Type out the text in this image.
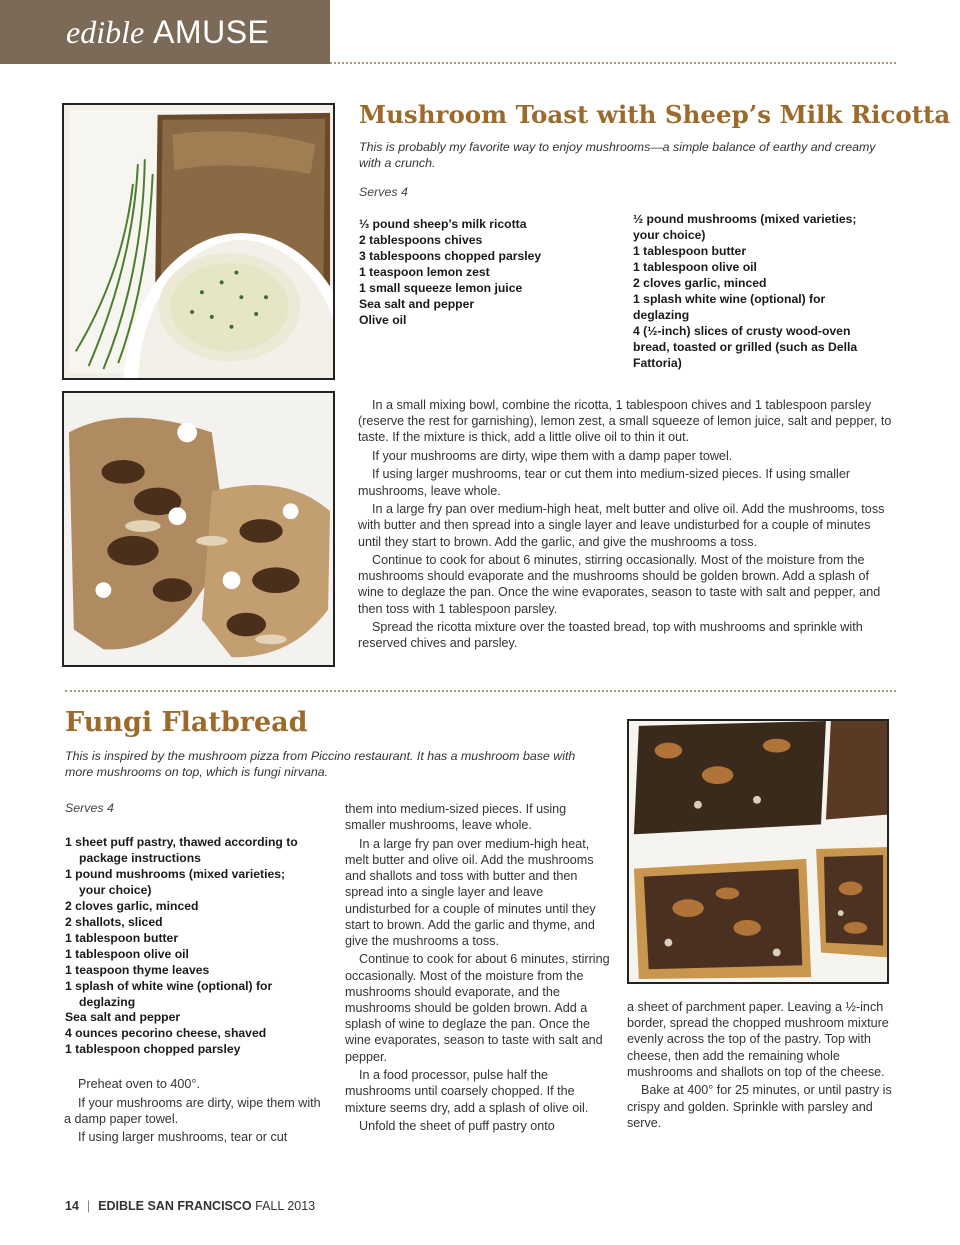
edible AMUSE
Mushroom Toast with Sheep’s Milk Ricotta
This is probably my favorite way to enjoy mushrooms—a simple balance of earthy and creamy with a crunch.
Serves 4
⅓ pound sheep’s milk ricotta
2 tablespoons chives
3 tablespoons chopped parsley
1 teaspoon lemon zest
1 small squeeze lemon juice
Sea salt and pepper
Olive oil
½ pound mushrooms (mixed varieties;
your choice)
1 tablespoon butter
1 tablespoon olive oil
2 cloves garlic, minced
1 splash white wine (optional) for
deglazing
4 (½-inch) slices of crusty wood-oven
bread, toasted or grilled (such as Della
Fattoria)

In a small mixing bowl, combine the ricotta, 1 tablespoon chives and 1 tablespoon parsley (reserve the rest for garnishing), lemon zest, a small squeeze of lemon juice, salt and pepper, to taste. If the mixture is thick, add a little olive oil to thin it out.

If your mushrooms are dirty, wipe them with a damp paper towel.

If using larger mushrooms, tear or cut them into medium-sized pieces. If using smaller mushrooms, leave whole.

In a large fry pan over medium-high heat, melt butter and olive oil. Add the mushrooms, toss with butter and then spread into a single layer and leave undisturbed for a couple of minutes until they start to brown. Add the garlic, and give the mushrooms a toss.

Continue to cook for about 6 minutes, stirring occasionally. Most of the moisture from the mushrooms should evaporate and the mushrooms should be golden brown. Add a splash of wine to deglaze the pan. Once the wine evaporates, season to taste with salt and pepper, and then toss with 1 tablespoon parsley.

Spread the ricotta mixture over the toasted bread, top with mushrooms and sprinkle with reserved chives and parsley.

Fungi Flatbread
This is inspired by the mushroom pizza from Piccino restaurant. It has a mushroom base with more mushrooms on top, which is fungi nirvana.
Serves 4
1 sheet puff pastry, thawed according to
package instructions
1 pound mushrooms (mixed varieties;
your choice)
2 cloves garlic, minced
2 shallots, sliced
1 tablespoon butter
1 tablespoon olive oil
1 teaspoon thyme leaves
1 splash of white wine (optional) for
deglazing
Sea salt and pepper
4 ounces pecorino cheese, shaved
1 tablespoon chopped parsley

Preheat oven to 400°.

If your mushrooms are dirty, wipe them with a damp paper towel.

If using larger mushrooms, tear or cut

them into medium-sized pieces. If using smaller mushrooms, leave whole.

In a large fry pan over medium-high heat, melt butter and olive oil. Add the mushrooms and shallots and toss with butter and then spread into a single layer and leave undisturbed for a couple of minutes until they start to brown. Add the garlic and thyme, and give the mushrooms a toss.

Continue to cook for about 6 minutes, stirring occasionally. Most of the moisture from the mushrooms should evaporate, and the mushrooms should be golden brown. Add a splash of wine to deglaze the pan. Once the wine evaporates, season to taste with salt and pepper.

In a food processor, pulse half the mushrooms until coarsely chopped. If the mixture seems dry, add a splash of olive oil.

Unfold the sheet of puff pastry onto

a sheet of parchment paper. Leaving a ½-inch border, spread the chopped mushroom mixture evenly across the top of the pastry. Top with cheese, then add the remaining whole mushrooms and shallots on top of the cheese.

Bake at 400° for 25 minutes, or until pastry is crispy and golden. Sprinkle with parsley and serve.

14 | EDIBLE SAN FRANCISCO FALL 2013
